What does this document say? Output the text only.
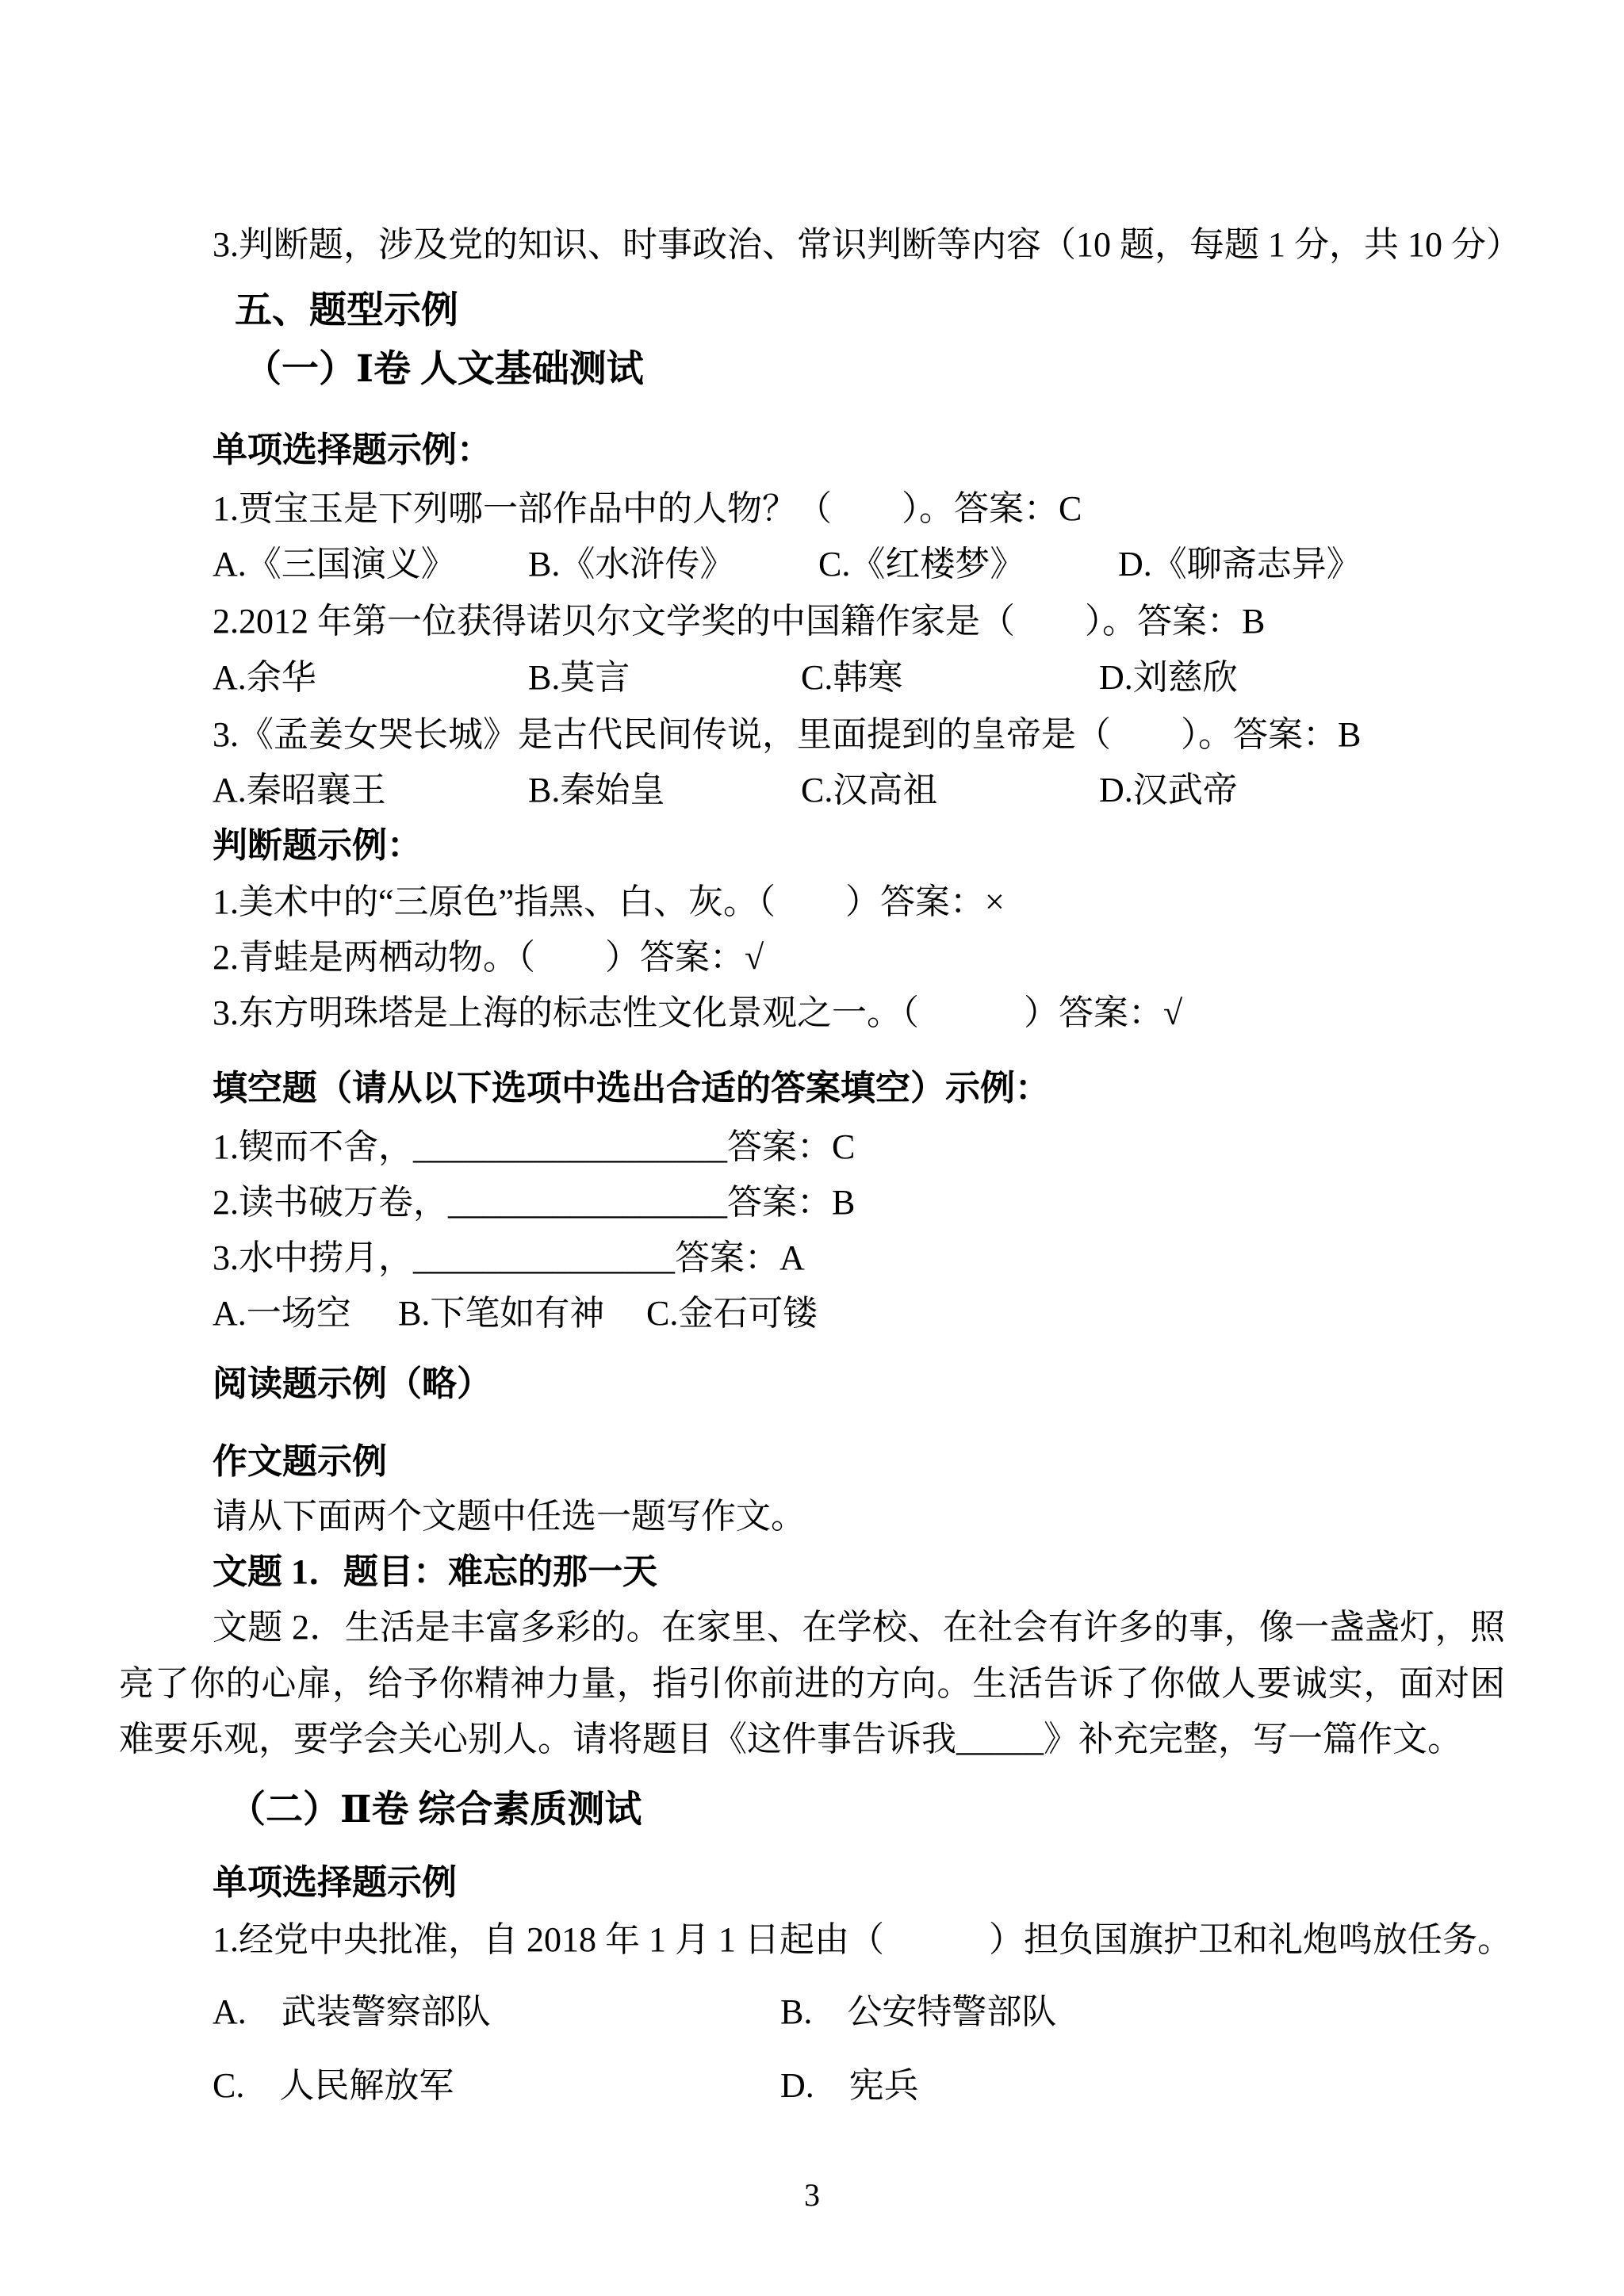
3.判断题，涉及党的知识、时事政治、常识判断等内容（10 题，每题 1 分，共 10 分）
五、题型示例
（一）Ⅰ卷 人文基础测试
单项选择题示例：
1.贾宝玉是下列哪一部作品中的人物？（　　）。答案：C
A.《三国演义》 B.《水浒传》 C.《红楼梦》	D.《聊斋志异》
2.2012 年第一位获得诺贝尔文学奖的中国籍作家是（　　）。答案：B
A.余华	B.莫言	C.韩寒	D.刘慈欣
3.《孟姜女哭长城》是古代民间传说，里面提到的皇帝是（　　）。答案：B
A.秦昭襄王	B.秦始皇	C.汉高祖	D.汉武帝
判断题示例：
1.美术中的“三原色”指黑、白、灰。（　　）答案：×
2.青蛙是两栖动物。（　　）答案：√
3.东方明珠塔是上海的标志性文化景观之一。（　　　）答案：√
填空题（请从以下选项中选出合适的答案填空）示例：
1.锲而不舍，__________________答案：C
2.读书破万卷，________________答案：B
3.水中捞月，_______________答案：A
A.一场空 B.下笔如有神 C.金石可镂
阅读题示例（略）
作文题示例
请从下面两个文题中任选一题写作文。
文题 1．题目：难忘的那一天
文题 2．生活是丰富多彩的。在家里、在学校、在社会有许多的事，像一盏盏灯，照亮了你的心扉，给予你精神力量，指引你前进的方向。生活告诉了你做人要诚实，面对困难要乐观，要学会关心别人。请将题目《这件事告诉我_____》补充完整，写一篇作文。
（二）Ⅱ卷 综合素质测试
单项选择题示例
1.经党中央批准，自 2018 年 1 月 1 日起由（　　　）担负国旗护卫和礼炮鸣放任务。
A.　武装警察部队	B.　公安特警部队
C.　人民解放军	D.　宪兵
3
